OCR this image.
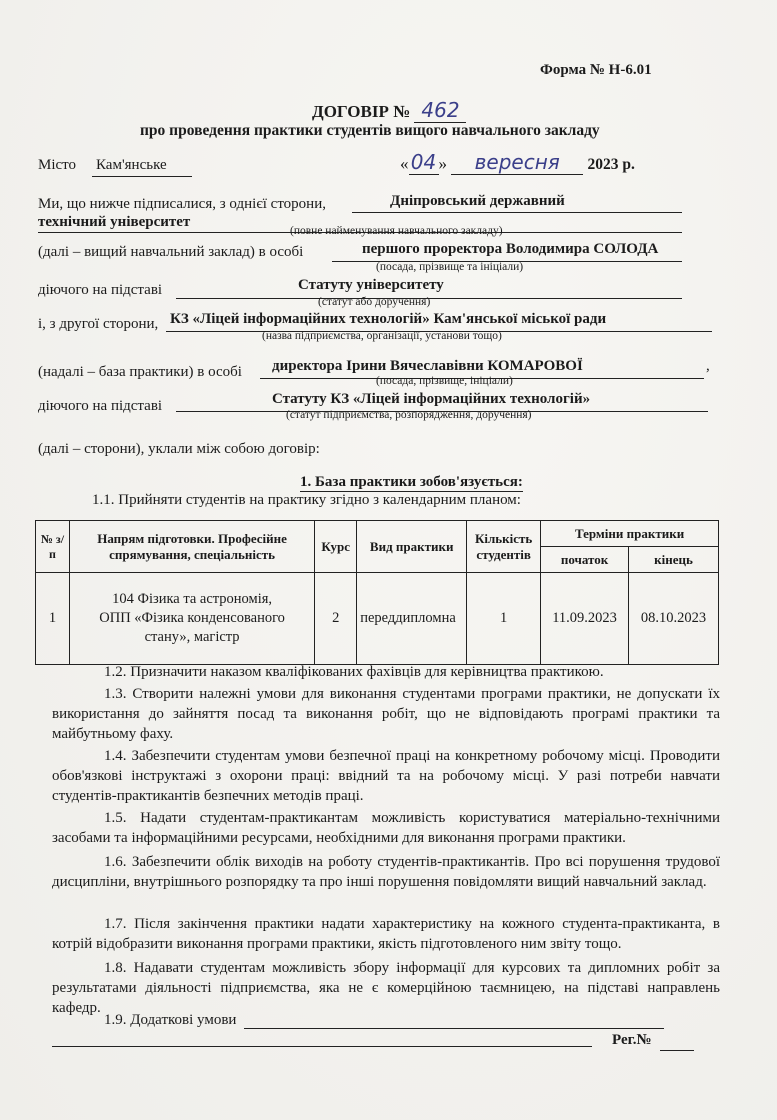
Форма № Н-6.01
ДОГОВІР № 462
про проведення практики студентів вищого навчального закладу
Місто Кам'янське	« 04 » вересня 2023 р.
Ми, що нижче підписалися, з однієї сторони,	Дніпровський державний
технічний університет
(повне найменування навчального закладу)
(далі – вищий навчальний заклад) в особі	першого проректора Володимира СОЛОДА
(посада, прізвище та ініціали)
діючого на підставі	Статуту університету
(статут або доручення)
і, з другої сторони, КЗ «Ліцей інформаційних технологій» Кам'янської міської ради
(назва підприємства, організації, установи тощо)
(надалі – база практики) в особі директора Ірини Вячеславівни КОМАРОВОЇ	,
(посада, прізвище, ініціали)
діючого на підставі	Статуту КЗ «Ліцей інформаційних технологій»
(статут підприємства, розпорядження, доручення)
(далі – сторони), уклали між собою договір:
1. База практики зобов'язується:
1.1. Прийняти студентів на практику згідно з календарним планом:
№ з/п	Напрям підготовки. Професійне спрямування, спеціальність	Курс	Вид практики	Кількість студентів	Терміни практики	
					початок	кінець
1	104 Фізика та астрономія,
ОПП «Фізика конденсованого
стану», магістр	2	переддипломна	1	11.09.2023	08.10.2023
1.2. Призначити наказом кваліфікованих фахівців для керівництва практикою.
1.3. Створити належні умови для виконання студентами програми практики, не допускати їх використання до зайняття посад та виконання робіт, що не відповідають програмі практики та майбутньому фаху.
1.4. Забезпечити студентам умови безпечної праці на конкретному робочому місці. Проводити обов'язкові інструктажі з охорони праці: ввідний та на робочому місці. У разі потреби навчати студентів-практикантів безпечних методів праці.
1.5. Надати студентам-практикантам можливість користуватися матеріально-технічними засобами та інформаційними ресурсами, необхідними для виконання програми практики.
1.6. Забезпечити облік виходів на роботу студентів-практикантів. Про всі порушення трудової дисципліни, внутрішнього розпорядку та про інші порушення повідомляти вищий навчальний заклад.
1.7. Після закінчення практики надати характеристику на кожного студента-практиканта, в котрій відобразити виконання програми практики, якість підготовленого ним звіту тощо.
1.8. Надавати студентам можливість збору інформації для курсових та дипломних робіт за результатами діяльності підприємства, яка не є комерційною таємницею, на підставі направлень кафедр.
1.9. Додаткові умови
Рег.№
